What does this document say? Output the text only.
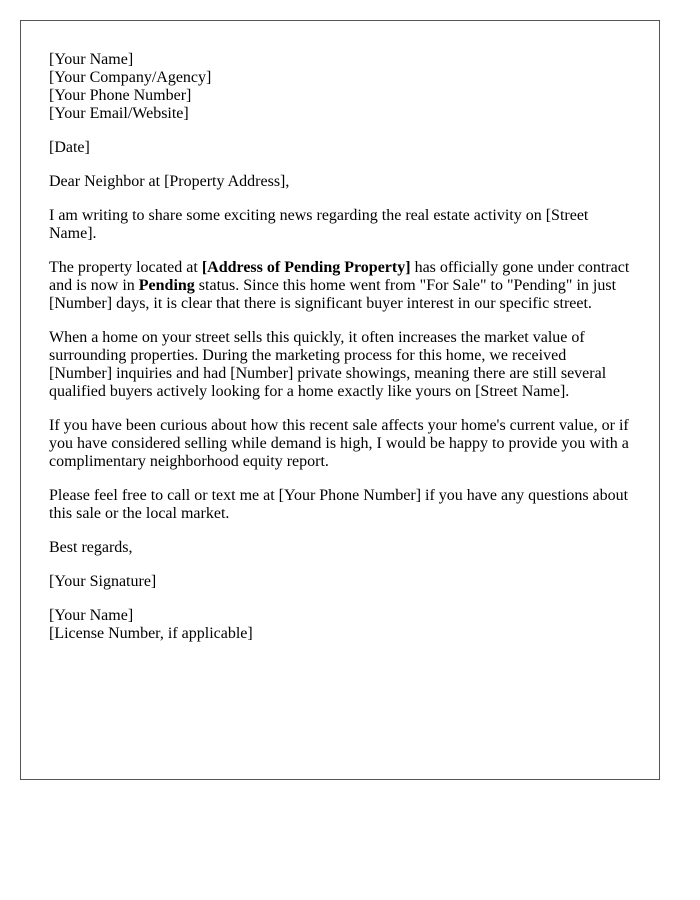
[Your Name]
[Your Company/Agency]
[Your Phone Number]
[Your Email/Website]

[Date]

Dear Neighbor at [Property Address],

I am writing to share some exciting news regarding the real estate activity on [Street Name].

The property located at [Address of Pending Property] has officially gone under contract and is now in Pending status. Since this home went from "For Sale" to "Pending" in just [Number] days, it is clear that there is significant buyer interest in our specific street.

When a home on your street sells this quickly, it often increases the market value of surrounding properties. During the marketing process for this home, we received [Number] inquiries and had [Number] private showings, meaning there are still several qualified buyers actively looking for a home exactly like yours on [Street Name].

If you have been curious about how this recent sale affects your home's current value, or if you have considered selling while demand is high, I would be happy to provide you with a complimentary neighborhood equity report.

Please feel free to call or text me at [Your Phone Number] if you have any questions about this sale or the local market.

Best regards,

[Your Signature]

[Your Name]
[License Number, if applicable]
